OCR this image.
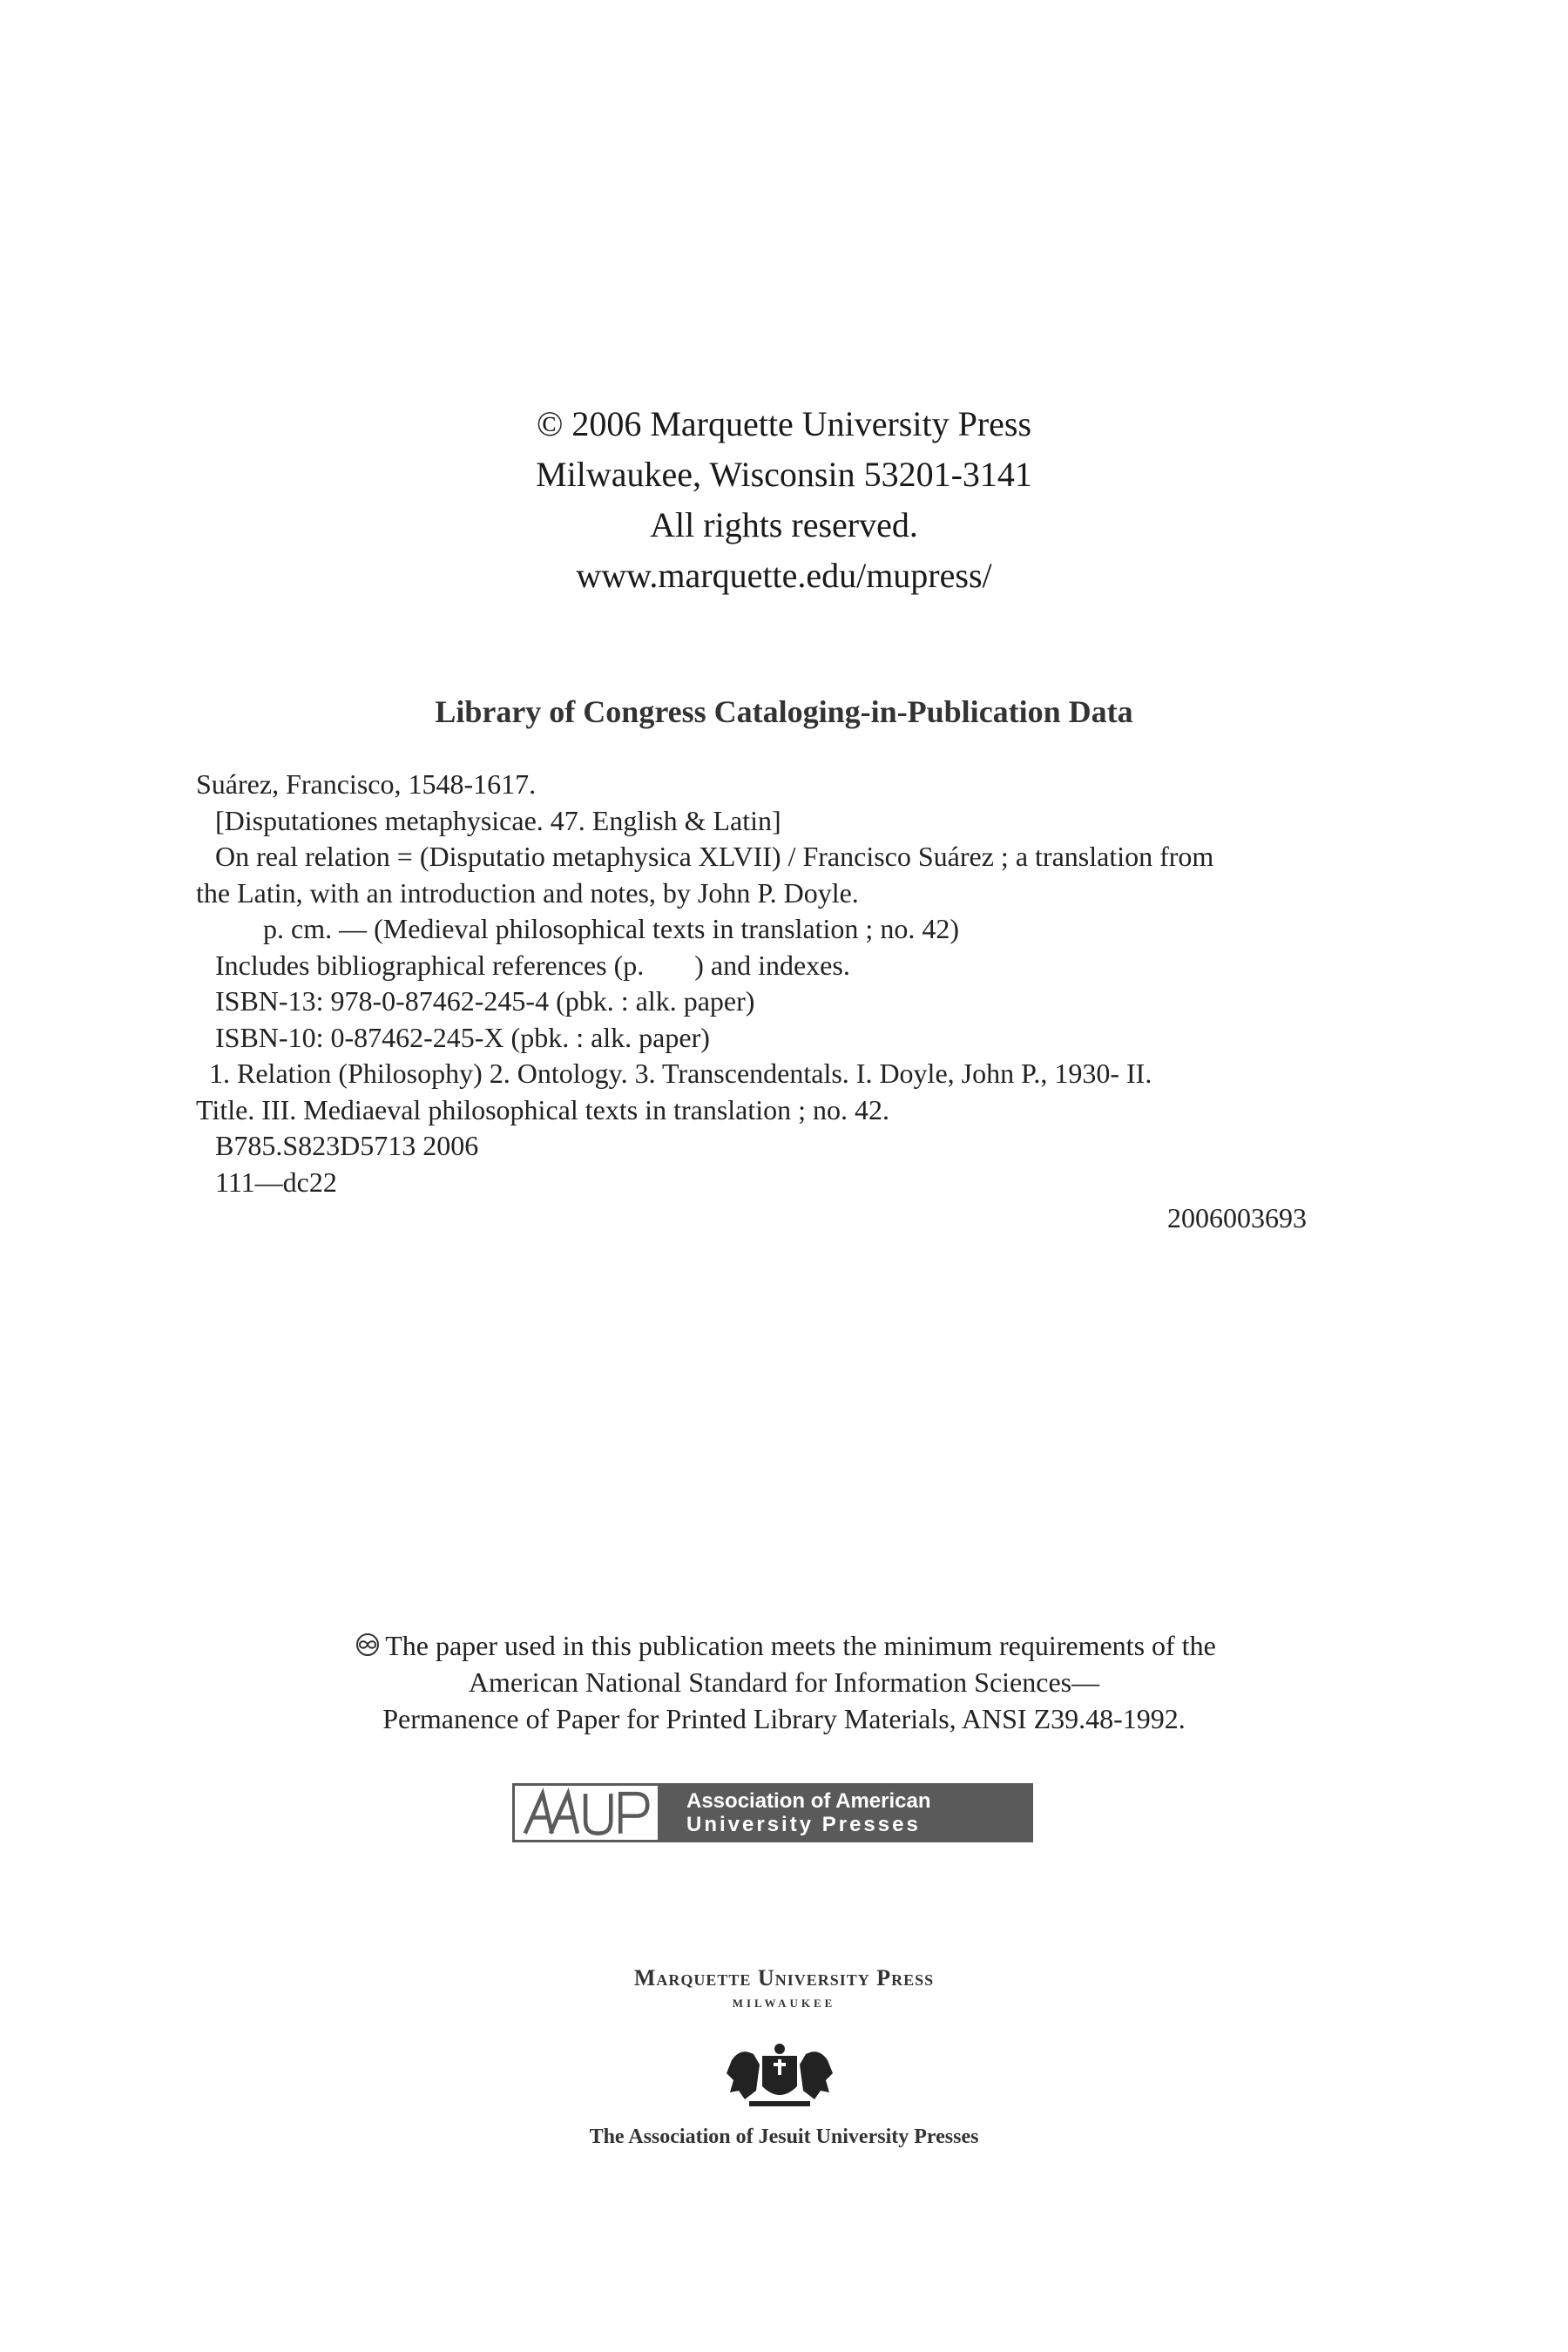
© 2006 Marquette University Press
Milwaukee, Wisconsin 53201-3141
All rights reserved.
www.marquette.edu/mupress/
Library of Congress Cataloging-in-Publication Data
Suárez, Francisco, 1548-1617.
[Disputationes metaphysicae. 47. English & Latin]
On real relation = (Disputatio metaphysica XLVII) / Francisco Suárez ; a translation from
the Latin, with an introduction and notes, by John P. Doyle.
p. cm. — (Medieval philosophical texts in translation ; no. 42)
Includes bibliographical references (p. ) and indexes.
ISBN-13: 978-0-87462-245-4 (pbk. : alk. paper)
ISBN-10: 0-87462-245-X (pbk. : alk. paper)
1. Relation (Philosophy) 2. Ontology. 3. Transcendentals. I. Doyle, John P., 1930- II.
Title. III. Mediaeval philosophical texts in translation ; no. 42.
B785.S823D5713 2006
111—dc22
2006003693
The paper used in this publication meets the minimum requirements of the
American National Standard for Information Sciences—
Permanence of Paper for Printed Library Materials, ANSI Z39.48-1992.
Association of American
University Presses
Marquette University Press
MILWAUKEE
The Association of Jesuit University Presses
